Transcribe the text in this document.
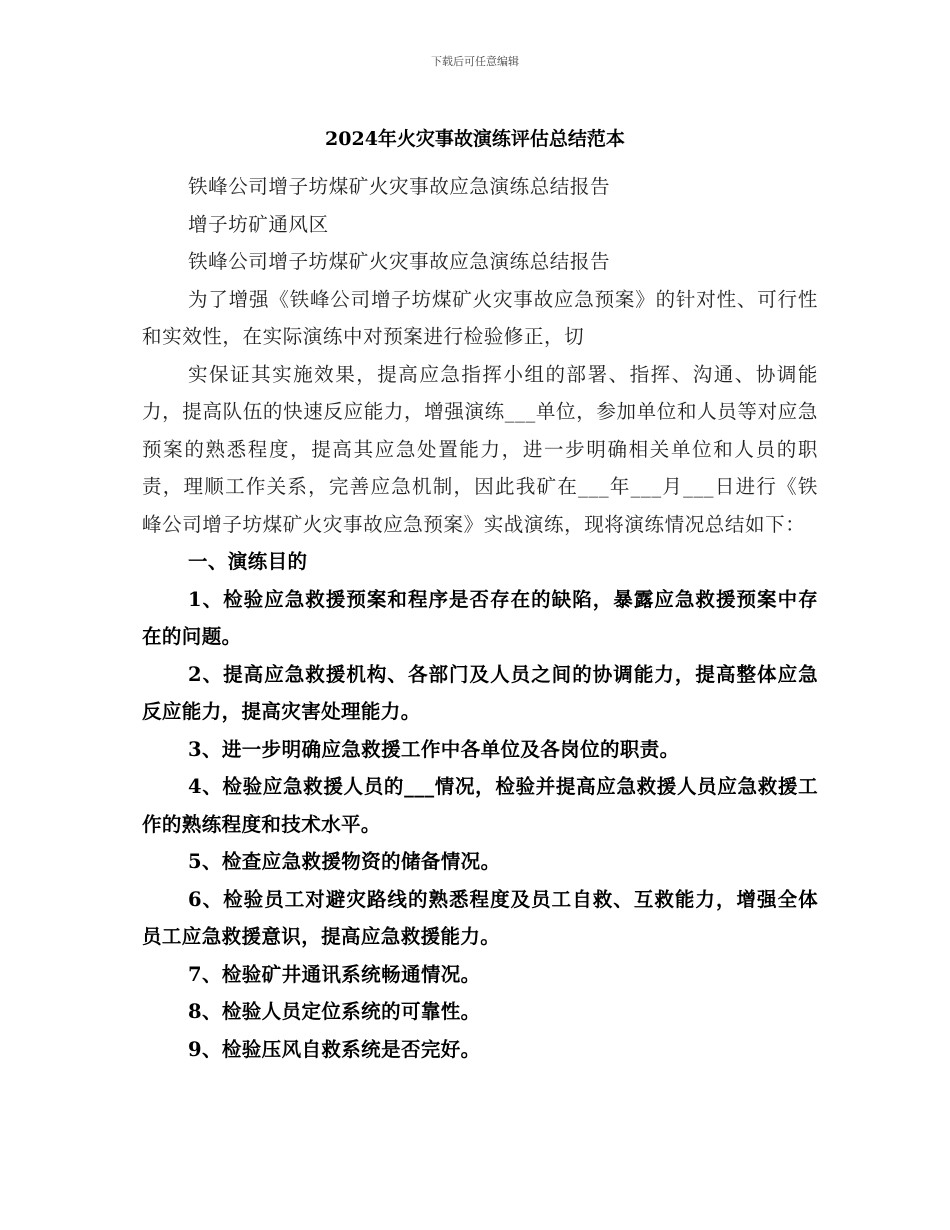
下载后可任意编辑
2024年火灾事故演练评估总结范本

铁峰公司增子坊煤矿火灾事故应急演练总结报告

增子坊矿通风区

铁峰公司增子坊煤矿火灾事故应急演练总结报告

为了增强《铁峰公司增子坊煤矿火灾事故应急预案》的针对性、可行性和实效性，在实际演练中对预案进行检验修正，切

实保证其实施效果，提高应急指挥小组的部署、指挥、沟通、协调能力，提高队伍的快速反应能力，增强演练___单位，参加单位和人员等对应急预案的熟悉程度，提高其应急处置能力，进一步明确相关单位和人员的职责，理顺工作关系，完善应急机制，因此我矿在___年___月___日进行《铁峰公司增子坊煤矿火灾事故应急预案》实战演练，现将演练情况总结如下：

一、演练目的

1、检验应急救援预案和程序是否存在的缺陷，暴露应急救援预案中存在的问题。

2、提高应急救援机构、各部门及人员之间的协调能力，提高整体应急反应能力，提高灾害处理能力。

3、进一步明确应急救援工作中各单位及各岗位的职责。

4、检验应急救援人员的___情况，检验并提高应急救援人员应急救援工作的熟练程度和技术水平。

5、检查应急救援物资的储备情况。

6、检验员工对避灾路线的熟悉程度及员工自救、互救能力，增强全体员工应急救援意识，提高应急救援能力。

7、检验矿井通讯系统畅通情况。

8、检验人员定位系统的可靠性。

9、检验压风自救系统是否完好。
